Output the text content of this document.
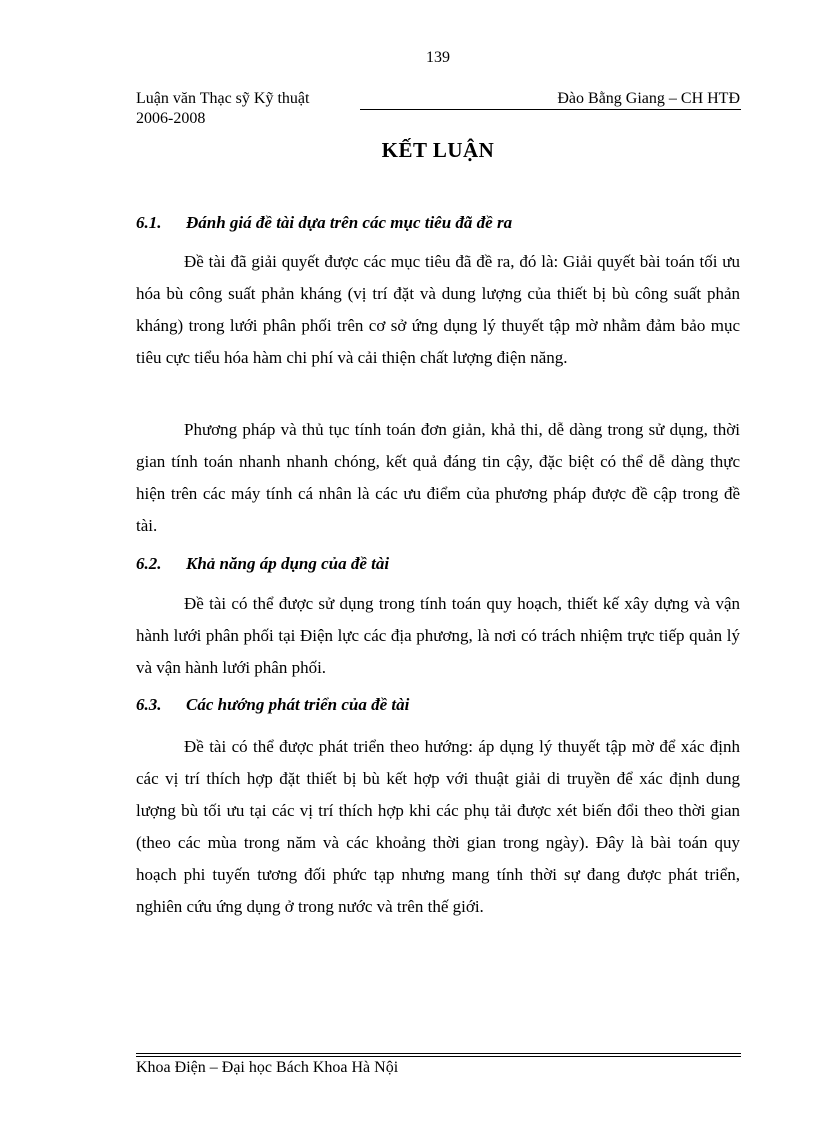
139
Luận văn Thạc sỹ Kỹ thuật	Đào Bằng Giang – CH HTĐ
2006-2008
KẾT LUẬN
6.1. Đánh giá đề tài dựa trên các mục tiêu đã đề ra
Đề tài đã giải quyết được các mục tiêu đã đề ra, đó là: Giải quyết bài toán tối ưu hóa bù công suất phản kháng (vị trí đặt và dung lượng của thiết bị bù công suất phản kháng) trong lưới phân phối trên cơ sở ứng dụng lý thuyết tập mờ nhằm đảm bảo mục tiêu cực tiểu hóa hàm chi phí và cải thiện chất lượng điện năng.
Phương pháp và thủ tục tính toán đơn giản, khả thi, dễ dàng trong sử dụng, thời gian tính toán nhanh nhanh chóng, kết quả đáng tin cậy, đặc biệt có thể dễ dàng thực hiện trên các máy tính cá nhân là các ưu điểm của phương pháp được đề cập trong đề tài.
6.2. Khả năng áp dụng của đề tài
Đề tài có thể được sử dụng trong tính toán quy hoạch, thiết kế xây dựng và vận hành lưới phân phối tại Điện lực các địa phương, là nơi có trách nhiệm trực tiếp quản lý và vận hành lưới phân phối.
6.3. Các hướng phát triển của đề tài
Đề tài có thể được phát triển theo hướng: áp dụng lý thuyết tập mờ để xác định các vị trí thích hợp đặt thiết bị bù kết hợp với thuật giải di truyền để xác định dung lượng bù tối ưu tại các vị trí thích hợp khi các phụ tải được xét biến đổi theo thời gian (theo các mùa trong năm và các khoảng thời gian trong ngày). Đây là bài toán quy hoạch phi tuyến tương đối phức tạp nhưng mang tính thời sự đang được phát triển, nghiên cứu ứng dụng ở trong nước và trên thế giới.
Khoa Điện – Đại học Bách Khoa Hà Nội
